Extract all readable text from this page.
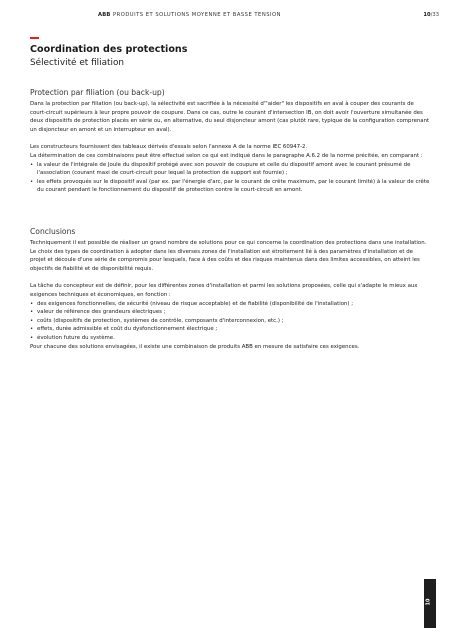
ABB PRODUITS ET SOLUTIONS MOYENNE ET BASSE TENSION	10/33
Coordination des protections
Sélectivité et filiation
Protection par filiation (ou back-up)

Dans la protection par filiation (ou back-up), la sélectivité est sacrifiée à la nécessité d'"aider" les dispositifs en aval à couper des courants de court-circuit supérieurs à leur propre pouvoir de coupure. Dans ce cas, outre le courant d'intersection IB, on doit avoir l'ouverture simultanée des deux dispositifs de protection placés en série ou, en alternative, du seul disjoncteur amont (cas plutôt rare, typique de la configuration comprenant un disjoncteur en amont et un interrupteur en aval).

Les constructeurs fournissent des tableaux dérivés d'essais selon l'annexe A de la norme IEC 60947-2.

La détermination de ces combinaisons peut être effectué selon ce qui est indiqué dans le paragraphe A.6.2 de la norme précitée, en comparant :

• la valeur de l'intégrale de Joule du dispositif protégé avec son pouvoir de coupure et celle du dispositif amont avec le courant présumé de l'association (courant maxi de court-circuit pour lequel la protection de support est fournie) ;
• les effets provoqués sur le dispositif aval (par ex. par l'énergie d'arc, par le courant de crête maximum, par le courant limité) à la valeur de crête du courant pendant le fonctionnement du dispositif de protection contre le court-circuit en amont.
Conclusions

Techniquement il est possible de réaliser un grand nombre de solutions pour ce qui concerne la coordination des protections dans une installation.

Le choix des types de coordination à adopter dans les diverses zones de l'installation est étroitement lié à des paramètres d'installation et de projet et découle d'une série de compromis pour lesquels, face à des coûts et des risques maintenus dans des limites accessibles, on atteint les objectifs de fiabilité et de disponibilité requis.

La tâche du concepteur est de définir, pour les différentes zones d'installation et parmi les solutions proposées, celle qui s'adapte le mieux aux exigences techniques et économiques, en fonction :

• des exigences fonctionnelles, de sécurité (niveau de risque acceptable) et de fiabilité (disponibilité de l'installation) ;
• valeur de référence des grandeurs électriques ;
• coûts (dispositifs de protection, systèmes de contrôle, composants d'interconnexion, etc.) ;
• effets, durée admissible et coût du dysfonctionnement électrique ;
• évolution future du système.

Pour chacune des solutions envisagées, il existe une combinaison de produits ABB en mesure de satisfaire ces exigences.

10
